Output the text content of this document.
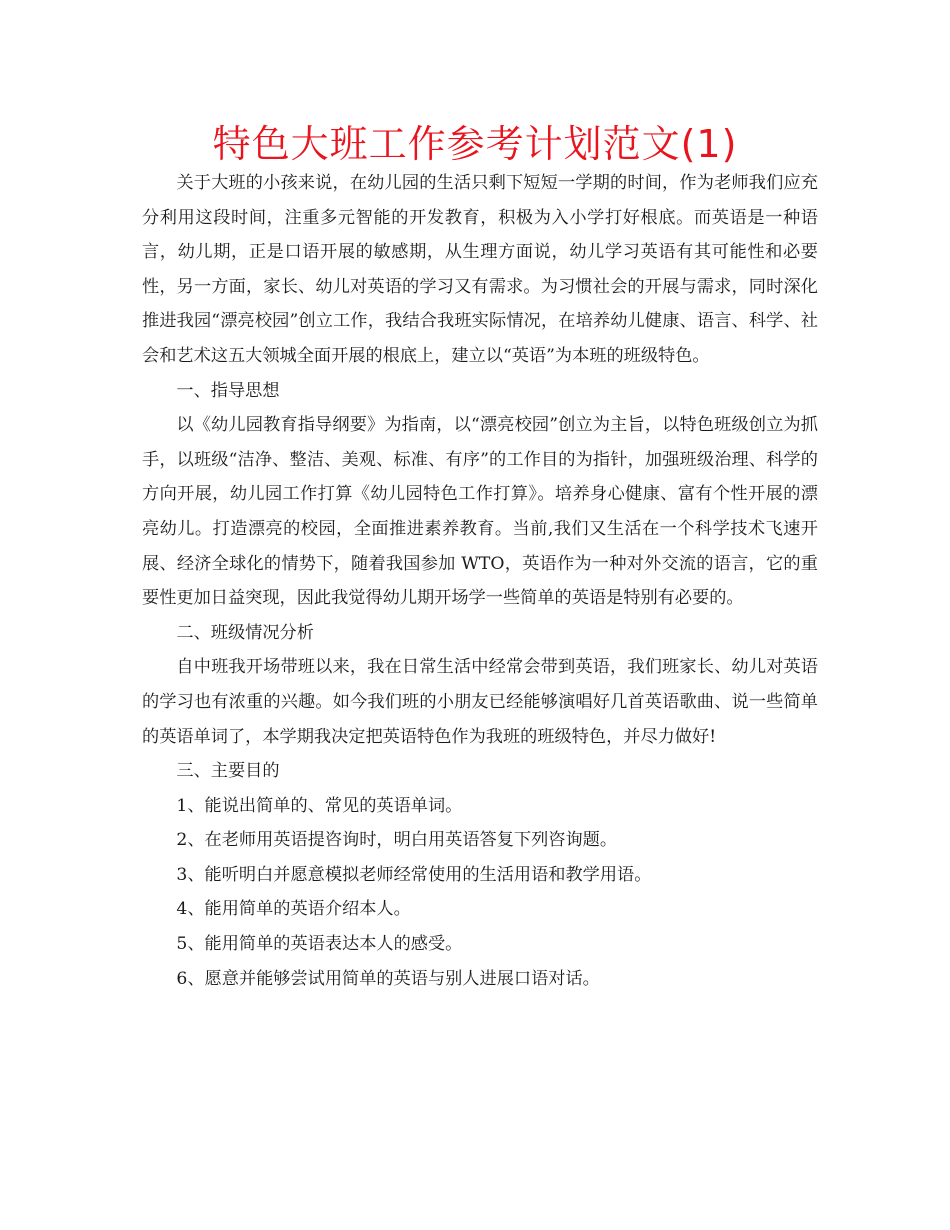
特色大班工作参考计划范文(1)

关于大班的小孩来说，在幼儿园的生活只剩下短短一学期的时间，作为老师我们应充分利用这段时间，注重多元智能的开发教育，积极为入小学打好根底。而英语是一种语言，幼儿期，正是口语开展的敏感期，从生理方面说，幼儿学习英语有其可能性和必要性，另一方面，家长、幼儿对英语的学习又有需求。为习惯社会的开展与需求，同时深化推进我园“漂亮校园”创立工作，我结合我班实际情况，在培养幼儿健康、语言、科学、社会和艺术这五大领城全面开展的根底上，建立以“英语”为本班的班级特色。

一、指导思想

以《幼儿园教育指导纲要》为指南，以“漂亮校园”创立为主旨，以特色班级创立为抓手，以班级“洁净、整洁、美观、标准、有序”的工作目的为指针，加强班级治理、科学的方向开展，幼儿园工作打算《幼儿园特色工作打算》。培养身心健康、富有个性开展的漂亮幼儿。打造漂亮的校园，全面推进素养教育。当前,我们又生活在一个科学技术飞速开展、经济全球化的情势下，随着我国参加 WTO，英语作为一种对外交流的语言，它的重要性更加日益突现，因此我觉得幼儿期开场学一些简单的英语是特别有必要的。

二、班级情况分析

自中班我开场带班以来，我在日常生活中经常会带到英语，我们班家长、幼儿对英语的学习也有浓重的兴趣。如今我们班的小朋友已经能够演唱好几首英语歌曲、说一些简单的英语单词了，本学期我决定把英语特色作为我班的班级特色，并尽力做好!

三、主要目的

1、能说出简单的、常见的英语单词。

2、在老师用英语提咨询时，明白用英语答复下列咨询题。

3、能听明白并愿意模拟老师经常使用的生活用语和教学用语。

4、能用简单的英语介绍本人。

5、能用简单的英语表达本人的感受。

6、愿意并能够尝试用简单的英语与别人进展口语对话。
